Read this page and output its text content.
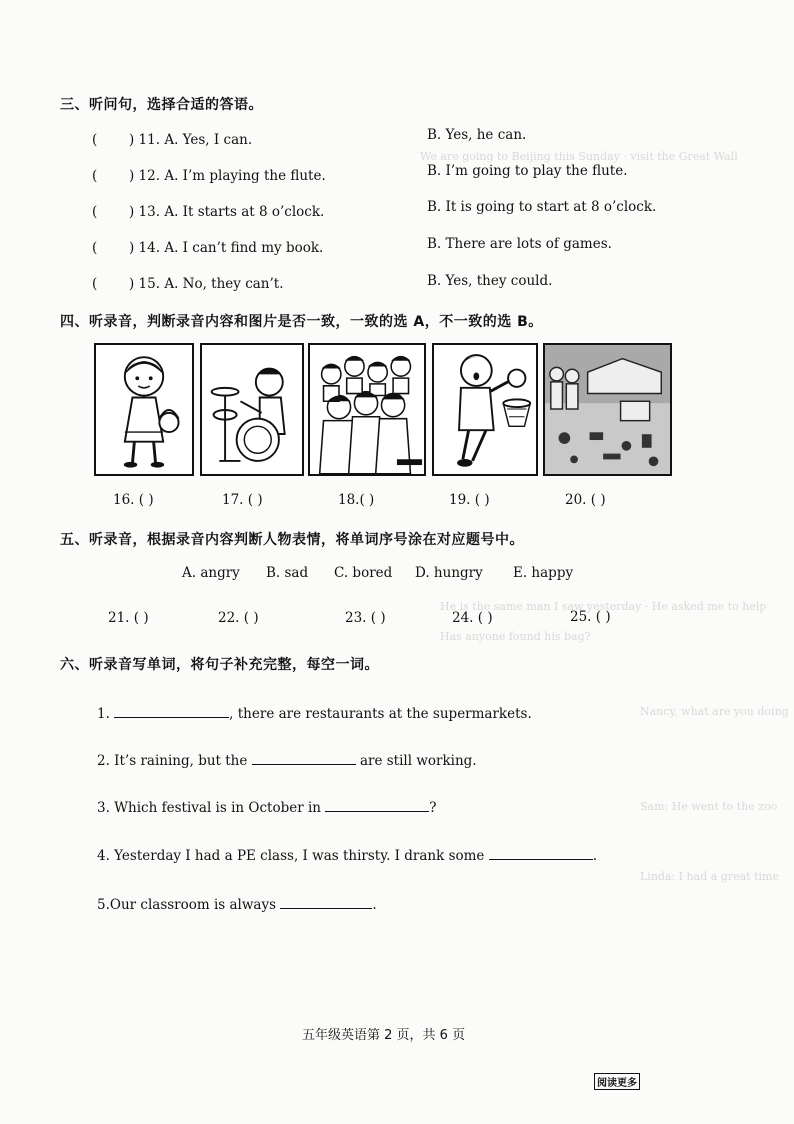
We are going to Beijing this Sunday · visit the Great Wall
He is the same man I saw yesterday · He asked me to help
Has anyone found his bag?
Nancy, what are you doing
Sam: He went to the zoo
Linda: I had a great time
三、听问句，选择合适的答语。
( ) 11. A. Yes, I can.	B. Yes, he can.
( ) 12. A. I’m playing the flute.	B. I’m going to play the flute.
( ) 13. A. It starts at 8 o’clock.	B. It is going to start at 8 o’clock.
( ) 14. A. I can’t find my book.	B. There are lots of games.
( ) 15. A. No, they can’t.	B. Yes, they could.
四、听录音，判断录音内容和图片是否一致，一致的选 A，不一致的选 B。
16. ( )	17. ( )	18.( )	19. ( )	20. ( )
五、听录音，根据录音内容判断人物表情，将单词序号涂在对应题号中。
A. angry B. sad C. bored D. hungry E. happy
21. ( )	22. ( )	23. ( )	24. ( )	25. ( )
六、听录音写单词，将句子补充完整，每空一词。
1.	, there are restaurants at the supermarkets.
2. It’s raining, but the	are still working.
3. Which festival is in October in	?
4. Yesterday I had a PE class, I was thirsty. I drank some	.
5.Our classroom is always	.
五年级英语第 2 页，共 6 页
阅读更多
